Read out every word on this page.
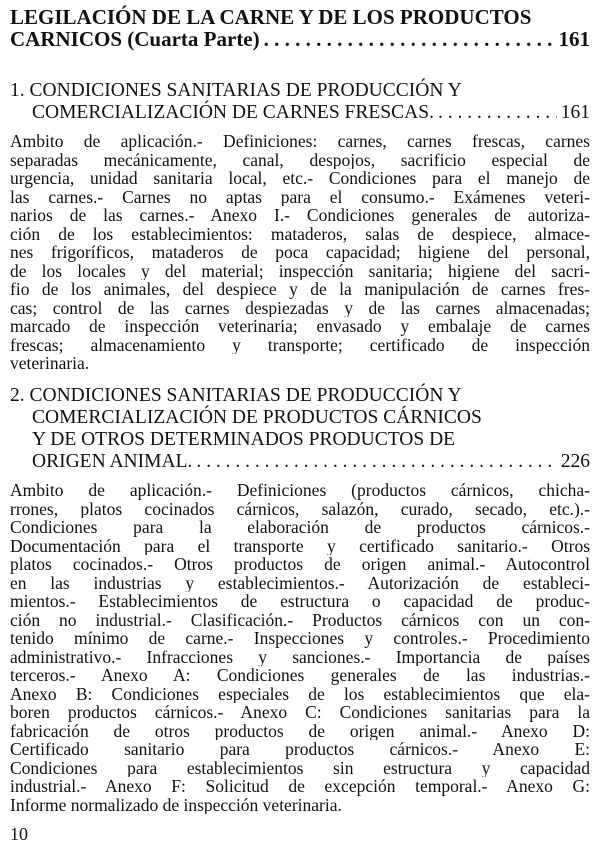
LEGILACIÓN DE LA CARNE Y DE LOS PRODUCTOS
CARNICOS (Cuarta Parte) . . .	161
1. CONDICIONES SANITARIAS DE PRODUCCIÓN Y
COMERCIALIZACIÓN DE CARNES FRESCAS. . . .	161
Ambito de aplicación.- Definiciones: carnes, carnes frescas, carnes
separadas mecánicamente, canal, despojos, sacrificio especial de
urgencia, unidad sanitaria local, etc.- Condiciones para el manejo de
las carnes.- Carnes no aptas para el consumo.- Exámenes veteri-
narios de las carnes.- Anexo I.- Condiciones generales de autoriza-
ción de los establecimientos: mataderos, salas de despiece, almace-
nes frigoríficos, mataderos de poca capacidad; higiene del personal,
de los locales y del material; inspección sanitaria; higiene del sacri-
fio de los animales, del despiece y de la manipulación de carnes fres-
cas; control de las carnes despiezadas y de las carnes almacenadas;
marcado de inspección veterinaria; envasado y embalaje de carnes
frescas; almacenamiento y transporte; certificado de inspección
veterinaria.
2. CONDICIONES SANITARIAS DE PRODUCCIÓN Y
COMERCIALIZACIÓN DE PRODUCTOS CÁRNICOS
Y DE OTROS DETERMINADOS PRODUCTOS DE
ORIGEN ANIMAL. . . .	226
Ambito de aplicación.- Definiciones (productos cárnicos, chicha-
rrones, platos cocinados cárnicos, salazón, curado, secado, etc.).-
Condiciones para la elaboración de productos cárnicos.-
Documentación para el transporte y certificado sanitario.- Otros
platos cocinados.- Otros productos de origen animal.- Autocontrol
en las industrias y establecimientos.- Autorización de estableci-
mientos.- Establecimientos de estructura o capacidad de produc-
ción no industrial.- Clasificación.- Productos cárnicos con un con-
tenido mínimo de carne.- Inspecciones y controles.- Procedimiento
administrativo.- Infracciones y sanciones.- Importancia de países
terceros.- Anexo A: Condiciones generales de las industrias.-
Anexo B: Condiciones especiales de los establecimientos que ela-
boren productos cárnicos.- Anexo C: Condiciones sanitarias para la
fabricación de otros productos de origen animal.- Anexo D:
Certificado sanitario para productos cárnicos.- Anexo E:
Condiciones para establecimientos sin estructura y capacidad
industrial.- Anexo F: Solicitud de excepción temporal.- Anexo G:
Informe normalizado de inspección veterinaria.
10
